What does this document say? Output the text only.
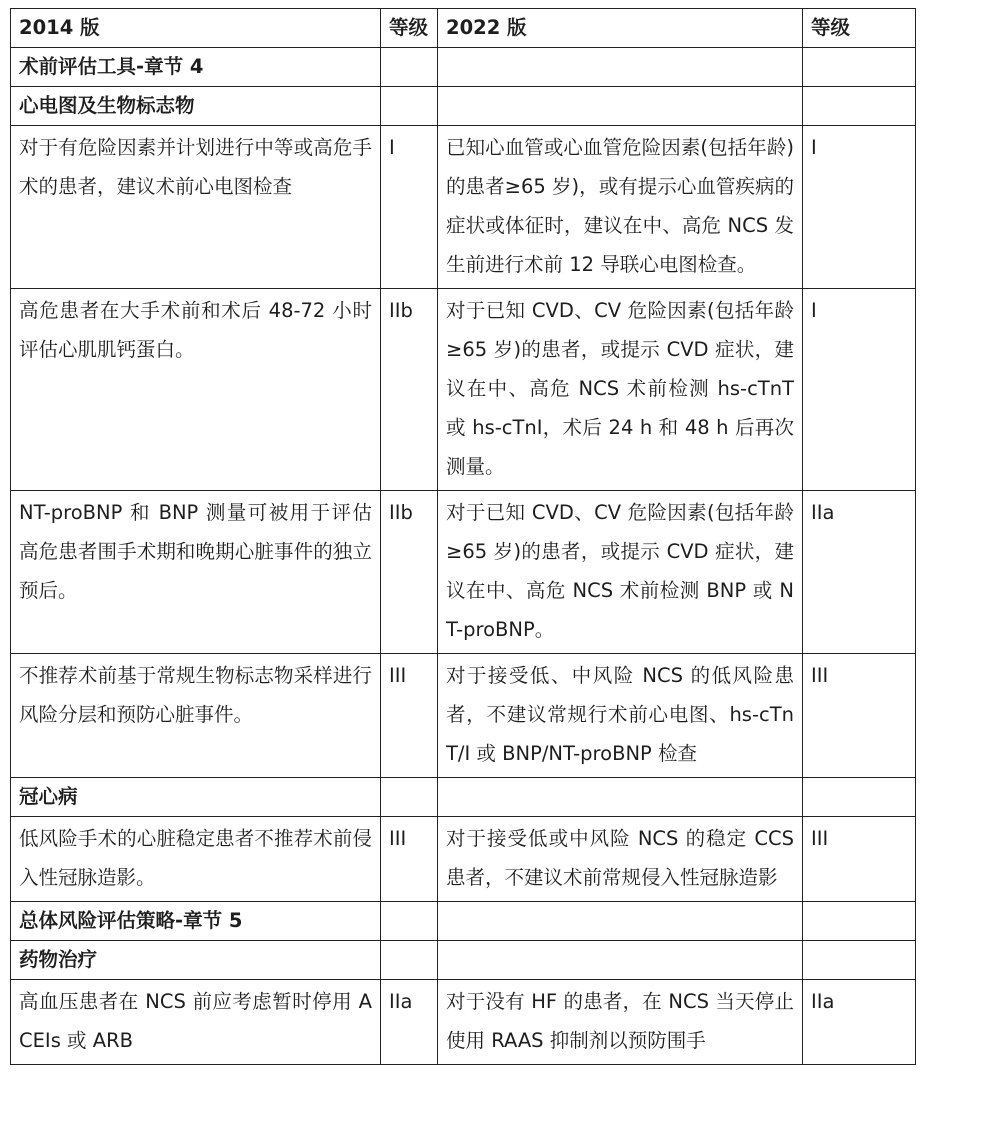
2014 版	等级	2022 版	等级
术前评估工具-章节 4			
心电图及生物标志物			
对于有危险因素并计划进行中等或高危手术的患者，建议术前心电图检查	I	已知心血管或心血管危险因素(包括年龄)的患者≥65 岁)，或有提示心血管疾病的症状或体征时，建议在中、高危 NCS 发生前进行术前 12 导联心电图检查。	I
高危患者在大手术前和术后 48-72 小时评估心肌肌钙蛋白。	IIb	对于已知 CVD、CV 危险因素(包括年龄≥65 岁)的患者，或提示 CVD 症状，建议在中、高危 NCS 术前检测 hs-cTnT 或 hs-cTnI，术后 24 h 和 48 h 后再次测量。	I
NT-proBNP 和 BNP 测量可被用于评估高危患者围手术期和晚期心脏事件的独立预后。	IIb	对于已知 CVD、CV 危险因素(包括年龄≥65 岁)的患者，或提示 CVD 症状，建议在中、高危 NCS 术前检测 BNP 或 NT-proBNP。	IIa
不推荐术前基于常规生物标志物采样进行风险分层和预防心脏事件。	III	对于接受低、中风险 NCS 的低风险患者，不建议常规行术前心电图、hs-cTn T/I 或 BNP/NT-proBNP 检查	III
冠心病			
低风险手术的心脏稳定患者不推荐术前侵入性冠脉造影。	III	对于接受低或中风险 NCS 的稳定 CCS 患者，不建议术前常规侵入性冠脉造影	III
总体风险评估策略-章节 5			
药物治疗			
高血压患者在 NCS 前应考虑暂时停用 ACEIs 或 ARB	IIa	对于没有 HF 的患者，在 NCS 当天停止使用 RAAS 抑制剂以预防围手	IIa
